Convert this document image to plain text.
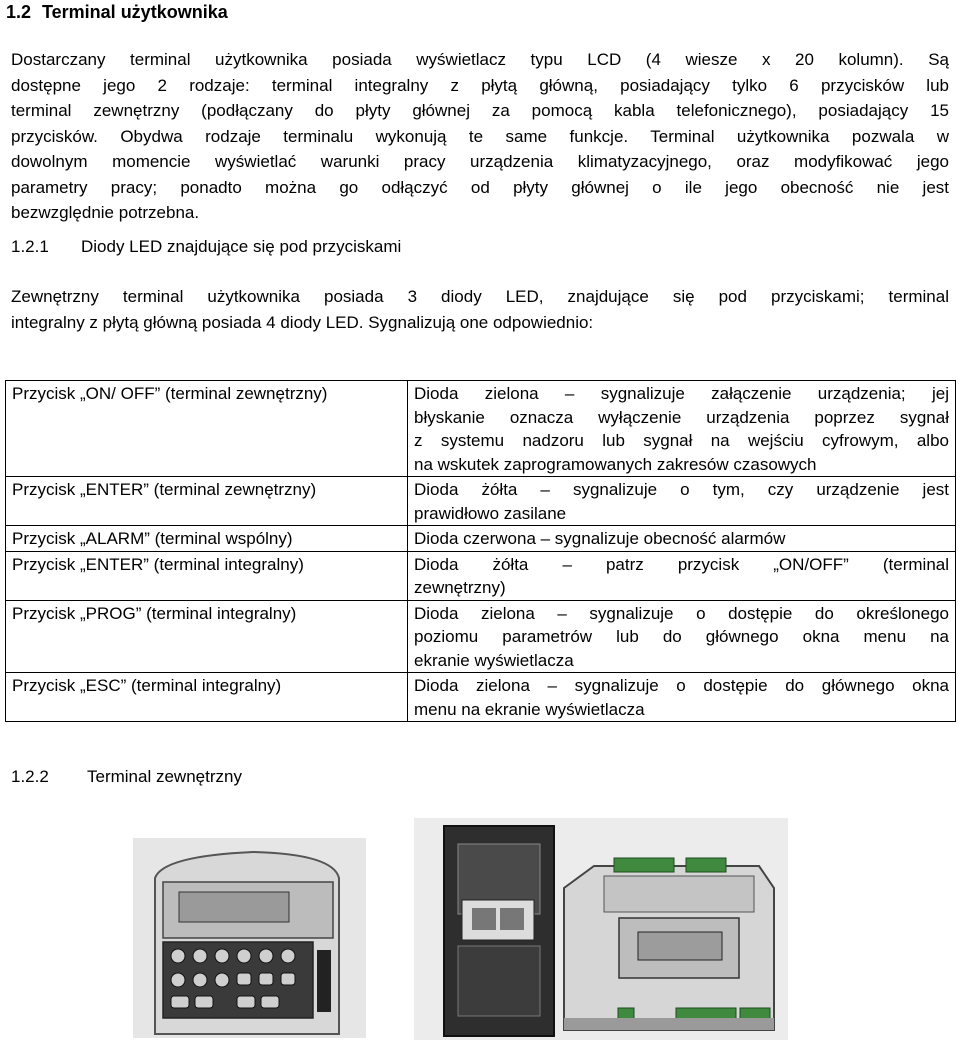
1.2 Terminal użytkownika

Dostarczany terminal użytkownika posiada wyświetlacz typu LCD (4 wiesze x 20 kolumn). Są
dostępne jego 2 rodzaje: terminal integralny z płytą główną, posiadający tylko 6 przycisków lub
terminal zewnętrzny (podłączany do płyty głównej za pomocą kabla telefonicznego), posiadający 15
przycisków. Obydwa rodzaje terminalu wykonują te same funkcje. Terminal użytkownika pozwala w
dowolnym momencie wyświetlać warunki pracy urządzenia klimatyzacyjnego, oraz modyfikować jego
parametry pracy; ponadto można go odłączyć od płyty głównej o ile jego obecność nie jest
bezwzględnie potrzebna.

1.2.1 Diody LED znajdujące się pod przyciskami

Zewnętrzny terminal użytkownika posiada 3 diody LED, znajdujące się pod przyciskami; terminal
integralny z płytą główną posiada 4 diody LED. Sygnalizują one odpowiednio:

Przycisk „ON/ OFF” (terminal zewnętrzny)	Dioda zielona – sygnalizuje załączenie urządzenia; jej
błyskanie oznacza wyłączenie urządzenia poprzez sygnał
z systemu nadzoru lub sygnał na wejściu cyfrowym, albo
na wskutek zaprogramowanych zakresów czasowych

Przycisk „ENTER” (terminal zewnętrzny)	Dioda żółta – sygnalizuje o tym, czy urządzenie jest
prawidłowo zasilane

Przycisk „ALARM” (terminal wspólny)	Dioda czerwona – sygnalizuje obecność alarmów

Przycisk „ENTER” (terminal integralny)	Dioda żółta – patrz przycisk „ON/OFF” (terminal
zewnętrzny)

Przycisk „PROG” (terminal integralny)	Dioda zielona – sygnalizuje o dostępie do określonego
poziomu parametrów lub do głównego okna menu na
ekranie wyświetlacza

Przycisk „ESC” (terminal integralny)	Dioda zielona – sygnalizuje o dostępie do głównego okna
menu na ekranie wyświetlacza
1.2.2 Terminal zewnętrzny
